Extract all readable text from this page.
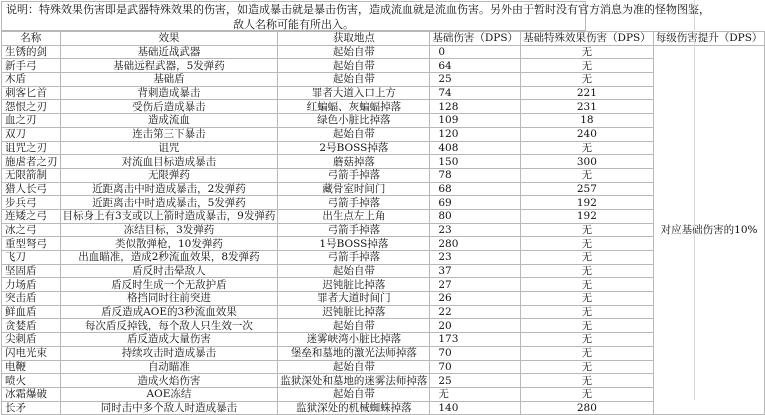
说明：特殊效果伤害即是武器特殊效果的伤害，如造成暴击就是暴击伤害，造成流血就是流血伤害。另外由于暂时没有官方消息为准的怪物图鉴，
敌人名称可能有所出入。
名称	效果	获取地点	基础伤害（DPS）	基础特殊效果伤害（DPS）	每级伤害提升（DPS）
生锈的剑	基础近战武器	起始自带	0	无	对应基础伤害的10%
新手弓	基础远程武器，5发弹药	起始自带	64	无	
木盾	基础盾	起始自带	25	无	
刺客匕首	背刺造成暴击	罪者大道入口上方	74	221	
怨恨之刃	受伤后造成暴击	红蝙蝠、灰蝙蝠掉落	128	231	
血之刃	造成流血	绿色小脏比掉落	109	18	
双刀	连击第三下暴击	起始自带	120	240	
诅咒之刃	诅咒	2号BOSS掉落	408	无	
施虐者之刃	对流血目标造成暴击	蘑菇掉落	150	300	
无限箭制	无限弹药	弓箭手掉落	78	无	
猎人长弓	近距离击中时造成暴击，2发弹药	藏骨室时间门	68	257	
步兵弓	近距离击中时造成暴击，5发弹药	弓箭手掉落	69	192	
连矮之弓	目标身上有3支或以上箭时造成暴击，9发弹药	出生点左上角	80	192	
冰之弓	冻结目标，3发弹药	弓箭手掉落	23	无	
重型弩弓	类似散弹枪，10发弹药	1号BOSS掉落	280	无	
飞刀	出血瞄准，造成2秒流血效果，8发弹药	弓箭手掉落	23	无	
坚固盾	盾反时击晕敌人	起始自带	37	无	
力场盾	盾反时生成一个无敌护盾	迟钝脏比掉落	27	无	
突击盾	格挡同时往前突进	罪者大道时间门	26	无	
鲜血盾	盾反造成AOE的3秒流血效果	迟钝脏比掉落	22	无	
贪婪盾	每次盾反掉钱，每个敌人只生效一次	起始自带	20	无	
尖刺盾	盾反造成大量伤害	迷雾峡湾小脏比掉落	173	无	
闪电光束	持续攻击时造成暴击	堡垒和墓地的激光法师掉落	70	无	
电鞭	自动瞄准	起始自带	70	无	
喷火	造成火焰伤害	监狱深处和墓地的迷雾法师掉落	25	无	
冰霜爆破	AOE冻结	起始自带	无	无	
长矛	同时击中多个敌人时造成暴击	监狱深处的机械蜘蛛掉落	140	280	
